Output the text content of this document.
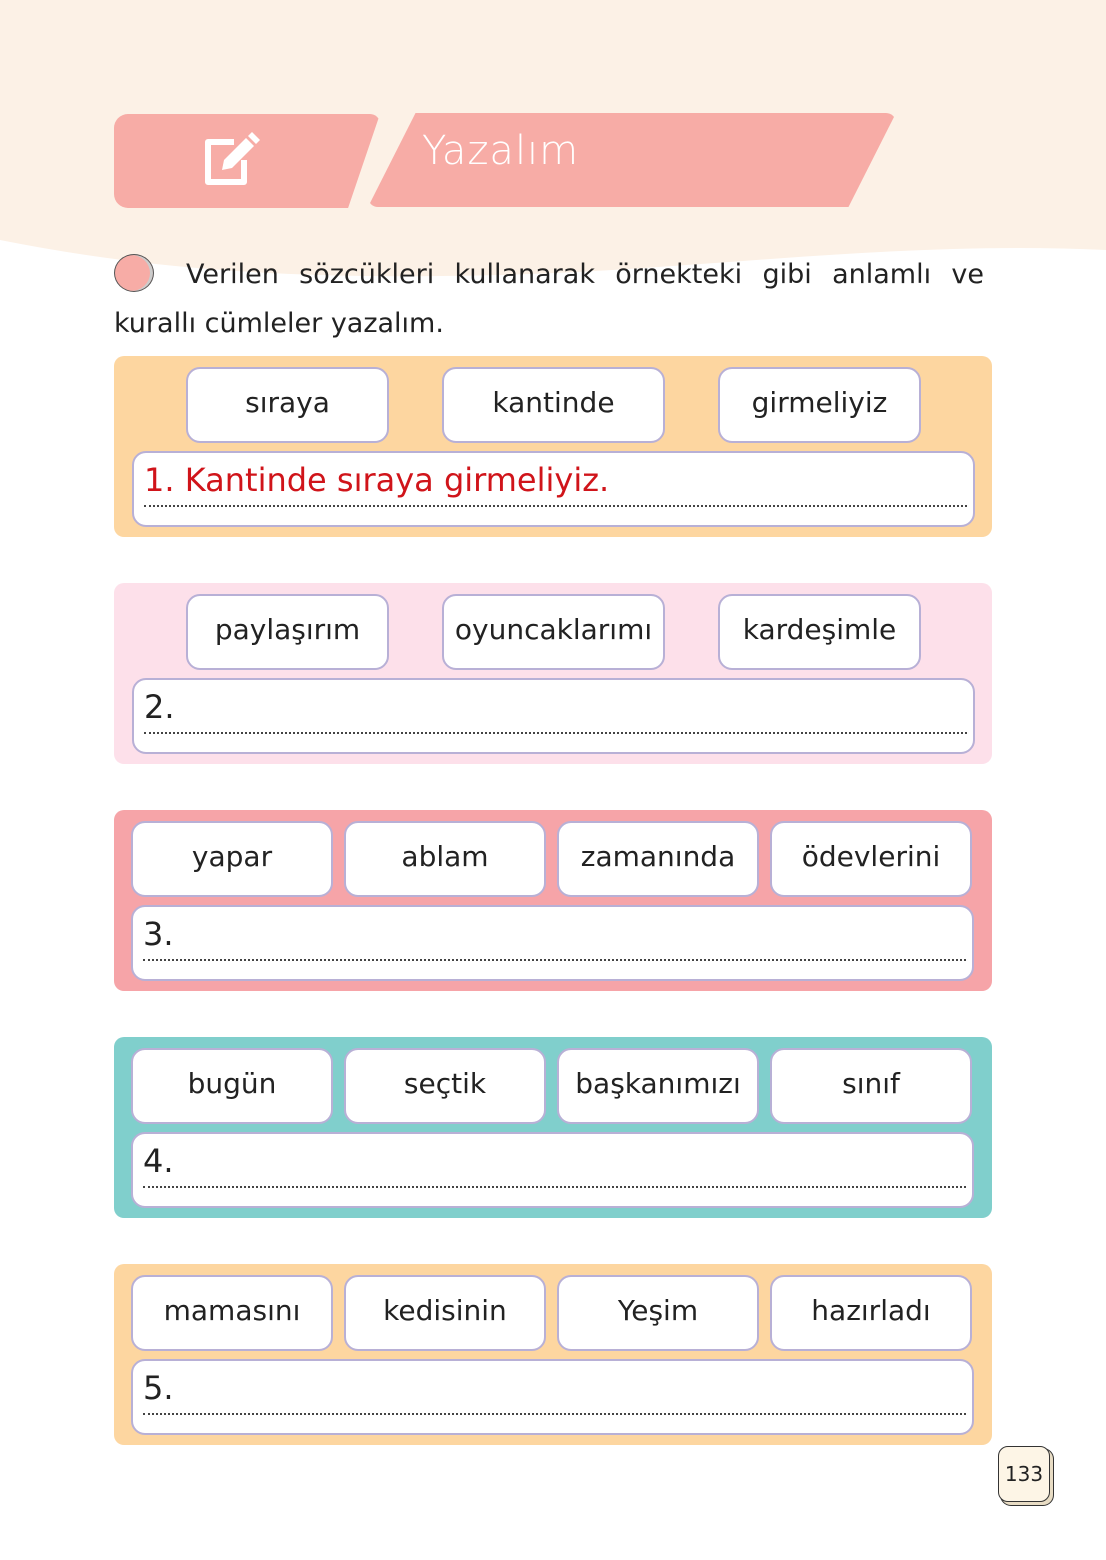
Yazalım
Verilen sözcükleri kullanarak örnekteki gibi anlamlı ve kurallı cümleler yazalım.
sıraya	kantinde	girmeliyiz
1. Kantinde sıraya girmeliyiz.
paylaşırım	oyuncaklarımı	kardeşimle
2.
yapar	ablam	zamanında	ödevlerini
3.
bugün	seçtik	başkanımızı	sınıf
4.
mamasını	kedisinin	Yeşim	hazırladı
5.
133
